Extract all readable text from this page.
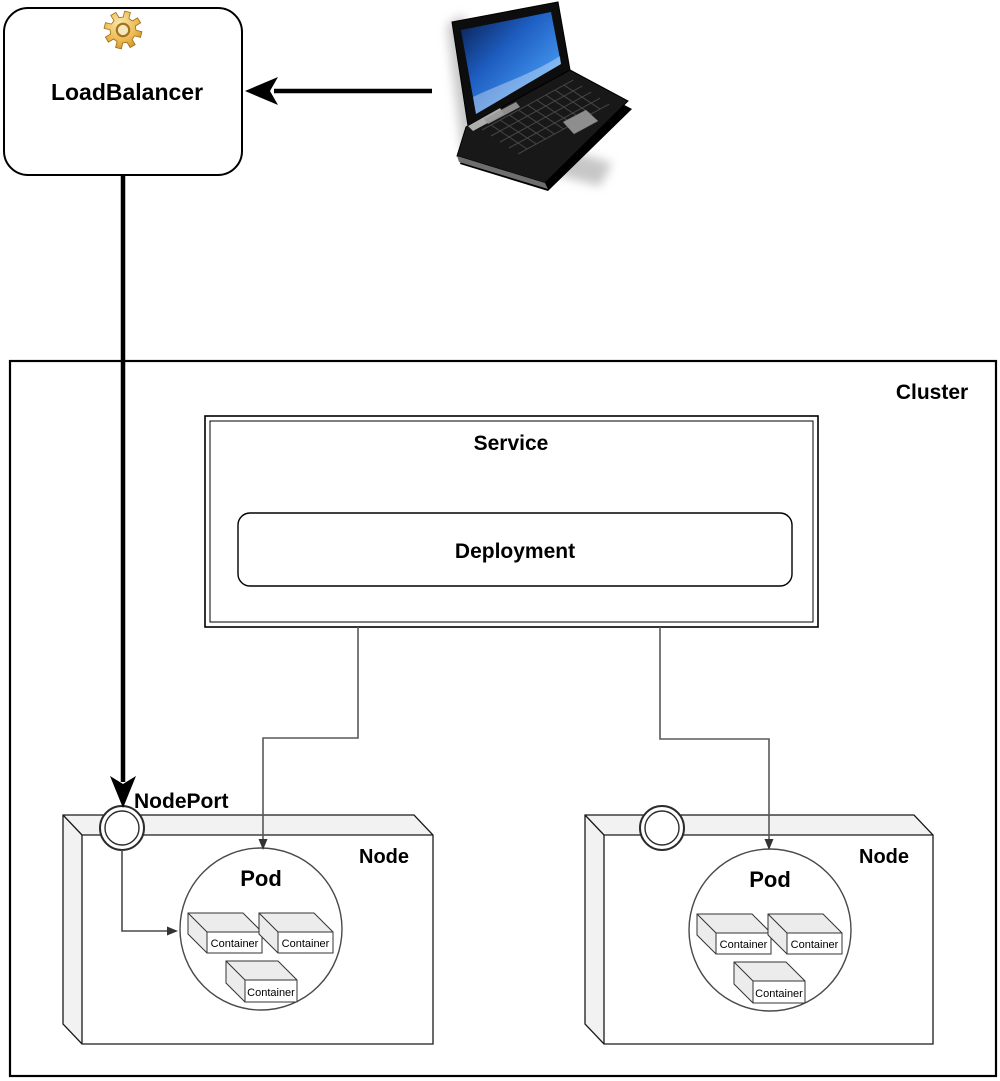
Cluster
Service
Deployment
Node	Node
Pod
Container Container
Container
Pod
Container Container
Container
NodePort
LoadBalancer
